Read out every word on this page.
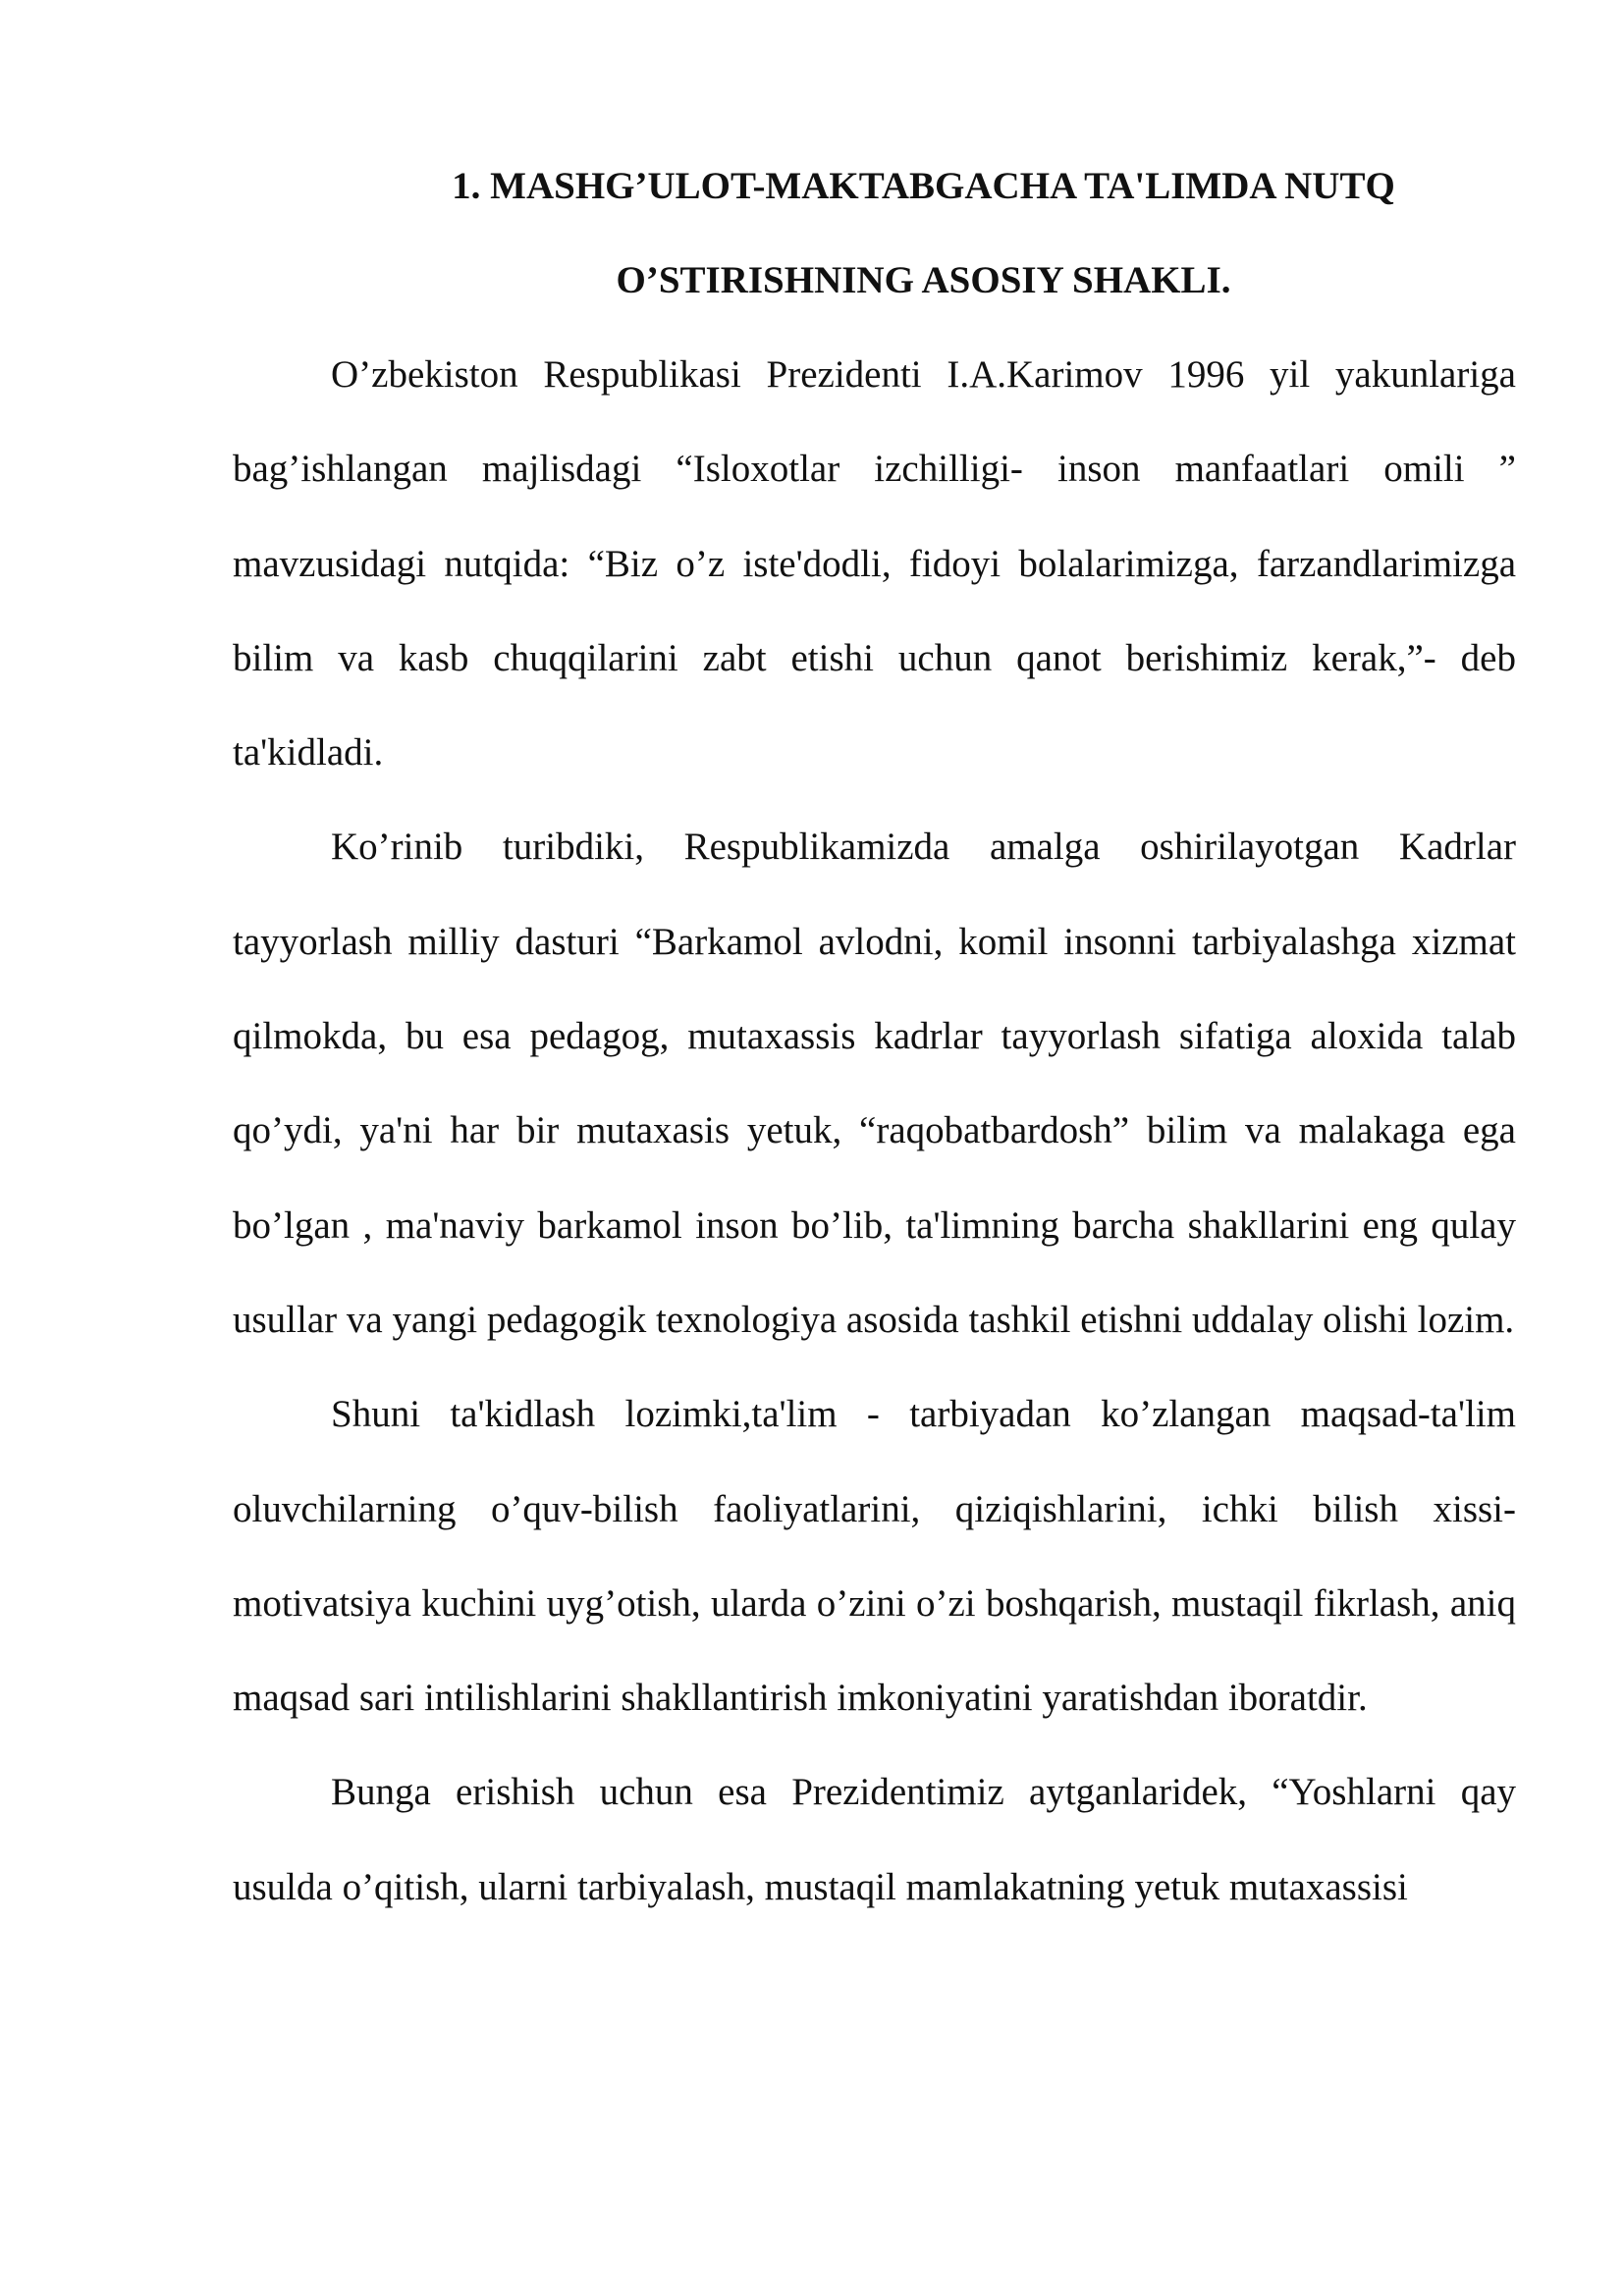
1. MASHG’ULOT-MAKTABGACHA TA'LIMDA NUTQ
O’STIRISHNING ASOSIY SHAKLI.

O’zbekiston Respublikasi Prezidenti I.A.Karimov 1996 yil yakunlariga bag’ishlangan majlisdagi “Isloxotlar izchilligi- inson manfaatlari omili ” mavzusidagi nutqida: “Biz o’z iste'dodli, fidoyi bolalarimizga, farzandlarimizga bilim va kasb chuqqilarini zabt etishi uchun qanot berishimiz kerak,”- deb ta'kidladi.

Ko’rinib turibdiki, Respublikamizda amalga oshirilayotgan Kadrlar tayyorlash milliy dasturi “Barkamol avlodni, komil insonni tarbiyalashga xizmat qilmokda, bu esa pedagog, mutaxassis kadrlar tayyorlash sifatiga aloxida talab qo’ydi, ya'ni har bir mutaxasis yetuk, “raqobatbardosh” bilim va malakaga ega bo’lgan , ma'naviy barkamol inson bo’lib, ta'limning barcha shakllarini eng qulay usullar va yangi pedagogik texnologiya asosida tashkil etishni uddalay olishi lozim.

Shuni ta'kidlash lozimki,ta'lim - tarbiyadan ko’zlangan maqsad-ta'lim oluvchilarning o’quv-bilish faoliyatlarini, qiziqishlarini, ichki bilish xissi-motivatsiya kuchini uyg’otish, ularda o’zini o’zi boshqarish, mustaqil fikrlash, aniq maqsad sari intilishlarini shakllantirish imkoniyatini yaratishdan iboratdir.

Bunga erishish uchun esa Prezidentimiz aytganlaridek, “Yoshlarni qay usulda o’qitish, ularni tarbiyalash, mustaqil mamlakatning yetuk mutaxassisi
